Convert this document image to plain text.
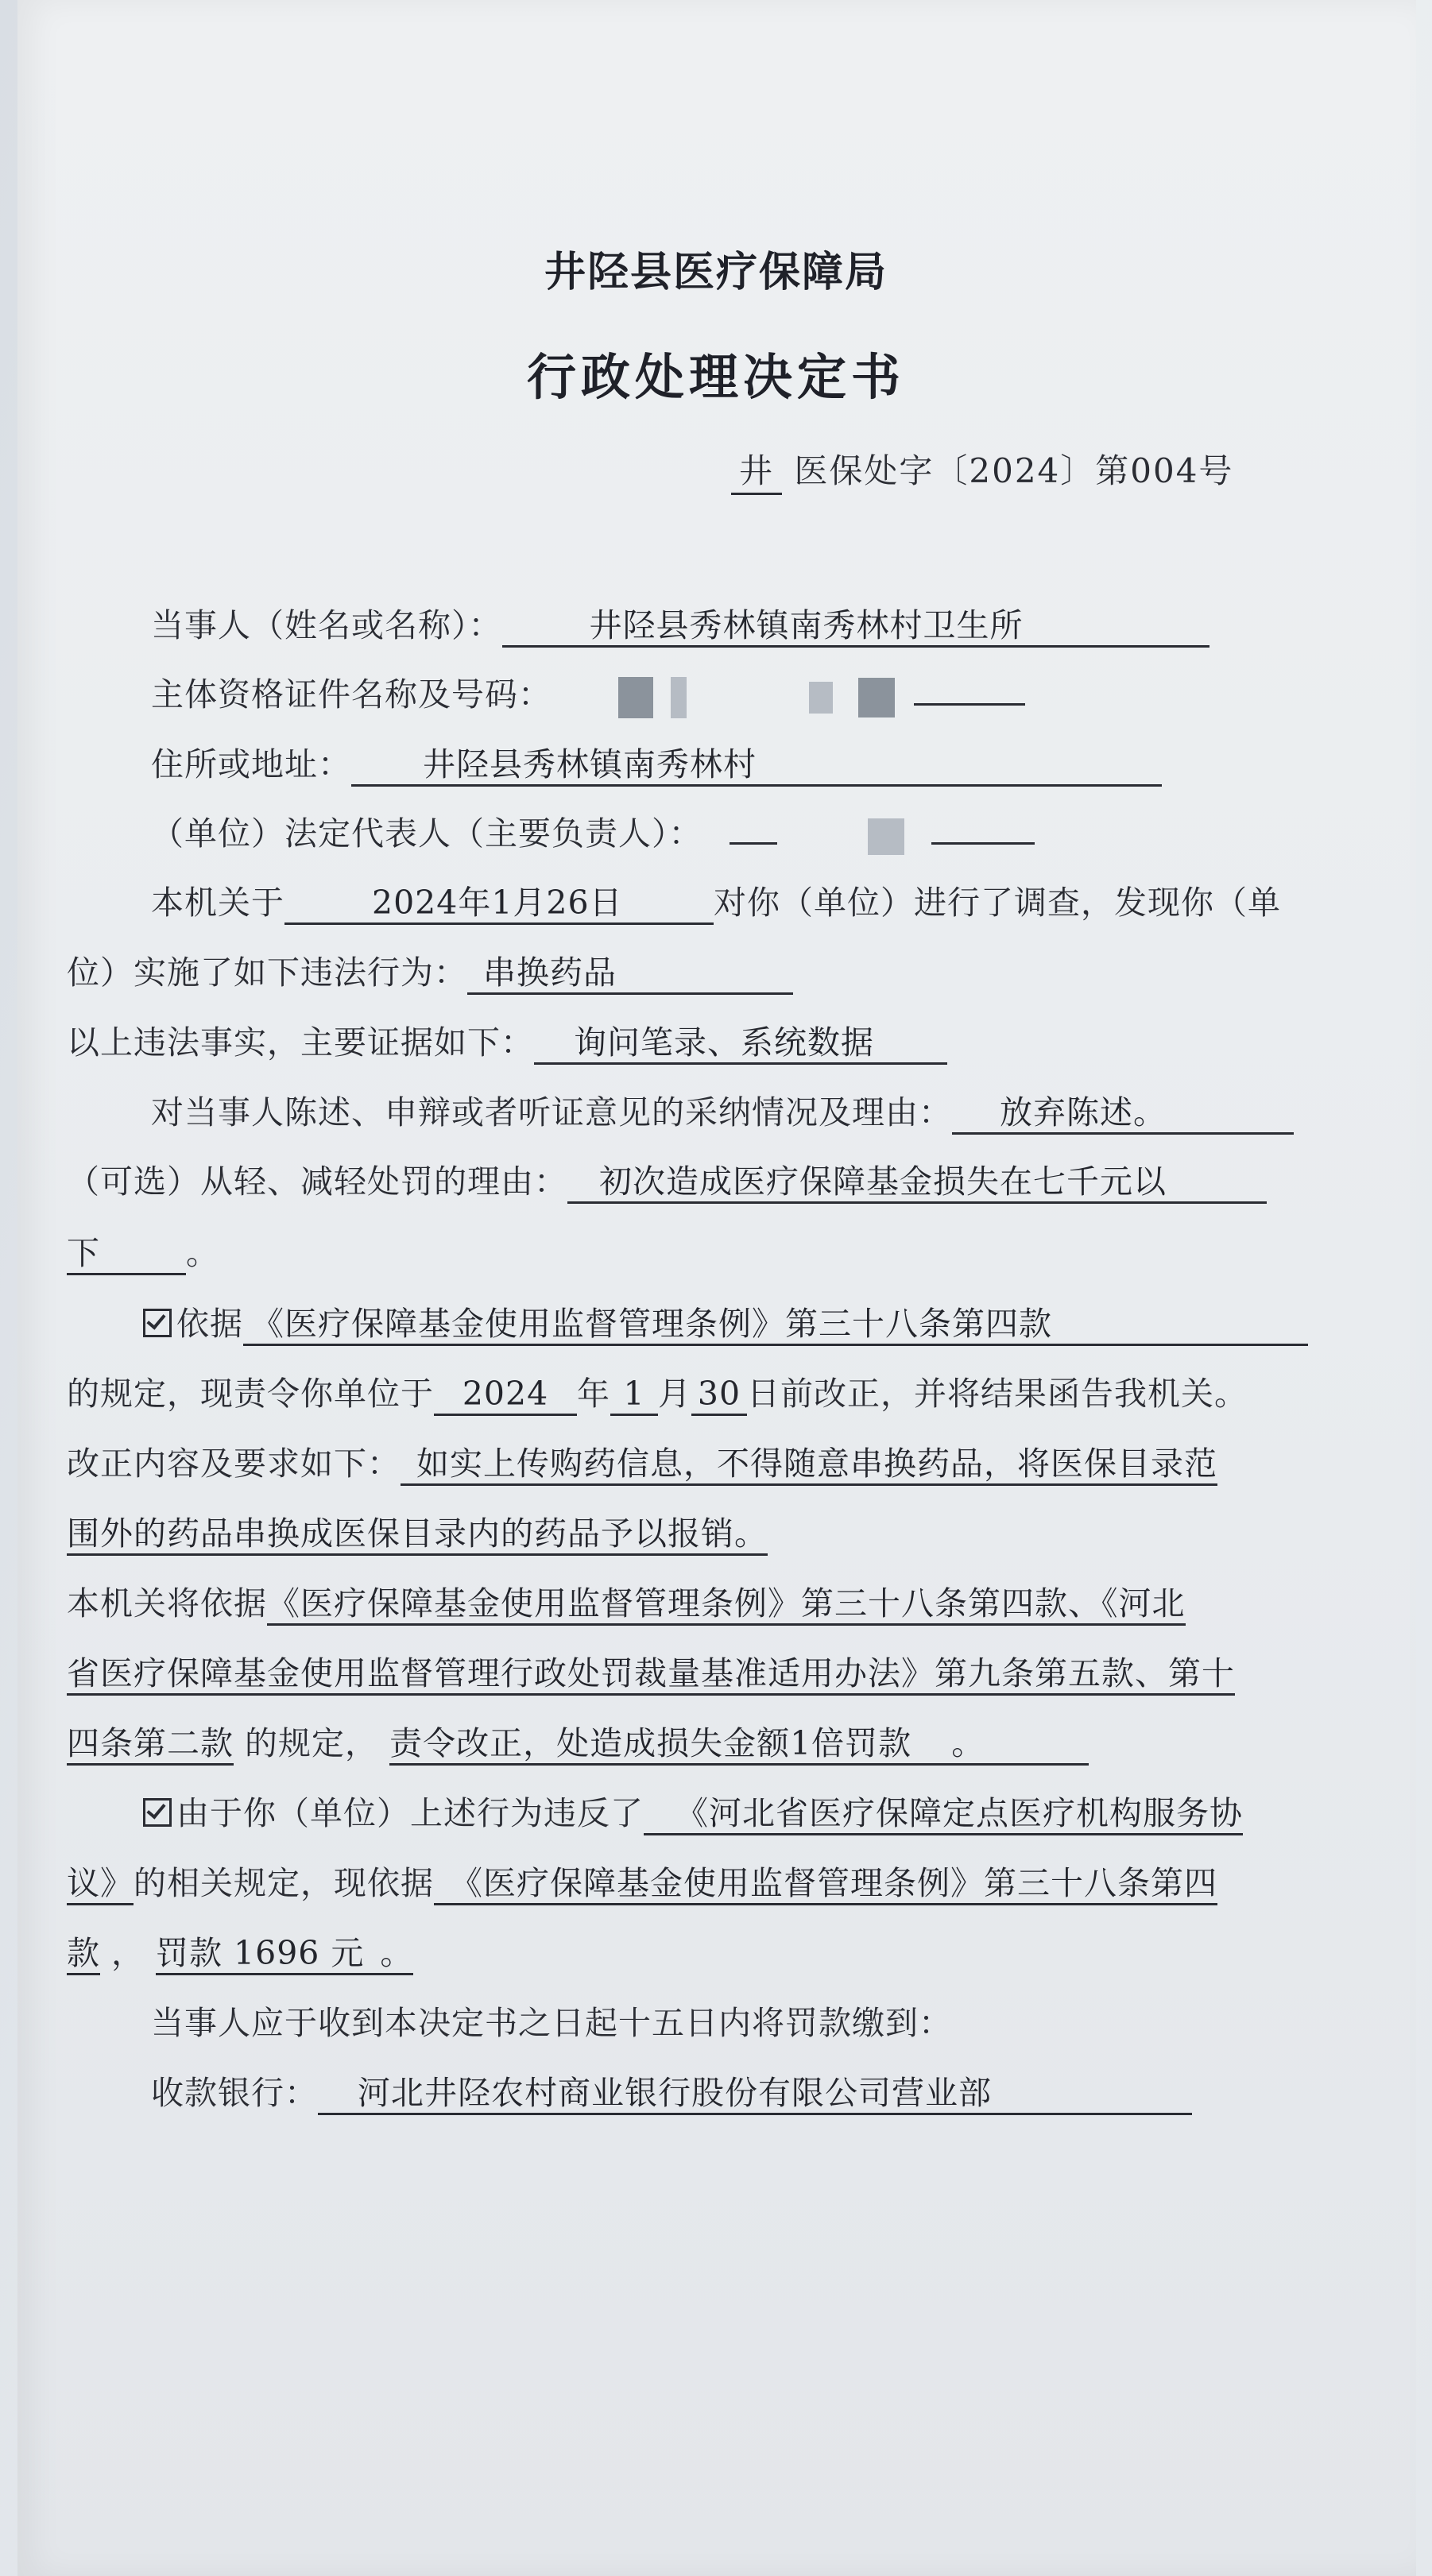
井陉县医疗保障局
行政处理决定书
井 医保处字〔2024〕第004号
当事人（姓名或名称）：	井陉县秀林镇南秀林村卫生所
主体资格证件名称及号码：
住所或地址： 井陉县秀林镇南秀林村
（单位）法定代表人（主要负责人）：
本机关于	2024年1月26日	对你（单位）进行了调查，发现你（单
位）实施了如下违法行为： 串换药品
以上违法事实，主要证据如下： 询问笔录、系统数据
对当事人陈述、申辩或者听证意见的采纳情况及理由： 放弃陈述。
（可选）从轻、减轻处罚的理由： 初次造成医疗保障基金损失在七千元以
下	。
依据 《医疗保障基金使用监督管理条例》第三十八条第四款
的规定，现责令你单位于 2024 年 1 月 30 日前改正，并将结果函告我机关。
改正内容及要求如下： 如实上传购药信息，不得随意串换药品，将医保目录范
围外的药品串换成医保目录内的药品予以报销。
本机关将依据《医疗保障基金使用监督管理条例》第三十八条第四款、《河北
省医疗保障基金使用监督管理行政处罚裁量基准适用办法》第九条第五款、第十
四条第二款 的规定， 责令改正，处造成损失金额1倍罚款 。
由于你（单位）上述行为违反了 《河北省医疗保障定点医疗机构服务协
议》的相关规定，现依据 《医疗保障基金使用监督管理条例》第三十八条第四
款 ， 罚款 1696 元 。
当事人应于收到本决定书之日起十五日内将罚款缴到：
收款银行： 河北井陉农村商业银行股份有限公司营业部
